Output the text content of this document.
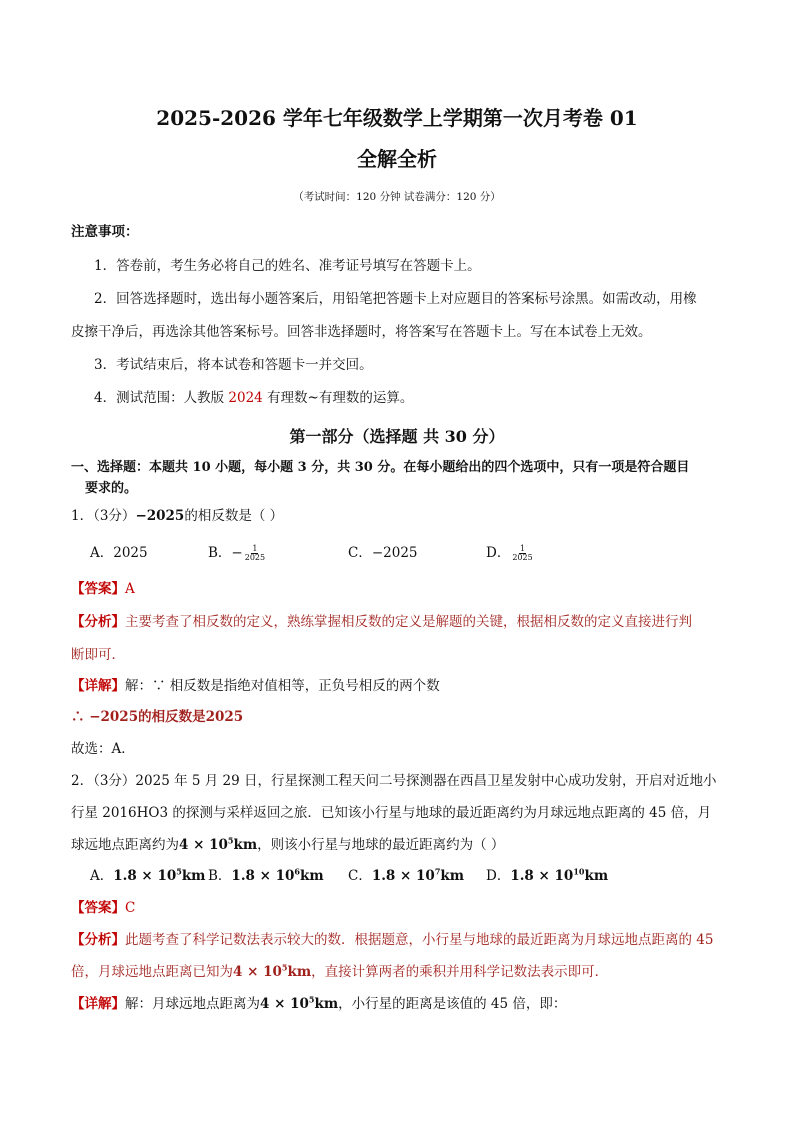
2025-2026 学年七年级数学上学期第一次月考卷 01
全解全析
（考试时间：120 分钟 试卷满分：120 分）
注意事项：
1．答卷前，考生务必将自己的姓名、准考证号填写在答题卡上。
2．回答选择题时，选出每小题答案后，用铅笔把答题卡上对应题目的答案标号涂黑。如需改动，用橡
皮擦干净后，再选涂其他答案标号。回答非选择题时，将答案写在答题卡上。写在本试卷上无效。
3．考试结束后，将本试卷和答题卡一并交回。
4．测试范围：人教版 2024 有理数~有理数的运算。
第一部分（选择题 共 30 分）
一、选择题：本题共 10 小题，每小题 3 分，共 30 分。在每小题给出的四个选项中，只有一项是符合题目
要求的。
1．（3分）−2025的相反数是（ ）
A．2025	B．− $\frac{1}{2025}$	C．−2025	D． $\frac{1}{2025}$
【答案】A
【分析】主要考查了相反数的定义，熟练掌握相反数的定义是解题的关键，根据相反数的定义直接进行判
断即可．
【详解】解：∵ 相反数是指绝对值相等，正负号相反的两个数
∴ −2025的相反数是2025
故选：A．
2．（3分）2025 年 5 月 29 日，行星探测工程天问二号探测器在西昌卫星发射中心成功发射，开启对近地小
行星 2016HO3 的探测与采样返回之旅．已知该小行星与地球的最近距离约为月球远地点距离的 45 倍，月
球远地点距离约为$4 \times 10^5km$，则该小行星与地球的最近距离约为（ ）
A．$1.8 \times 10^5km$ B．$1.8 \times 10^6km$ C．$1.8 \times 10^7km$ D．$1.8 \times 10^{10}km$
【答案】C
【分析】此题考查了科学记数法表示较大的数．根据题意，小行星与地球的最近距离为月球远地点距离的 45
倍，月球远地点距离已知为$4 \times 10^5km$，直接计算两者的乘积并用科学记数法表示即可．
【详解】解：月球远地点距离为$4 \times 10^5km$，小行星的距离是该值的 45 倍，即：
